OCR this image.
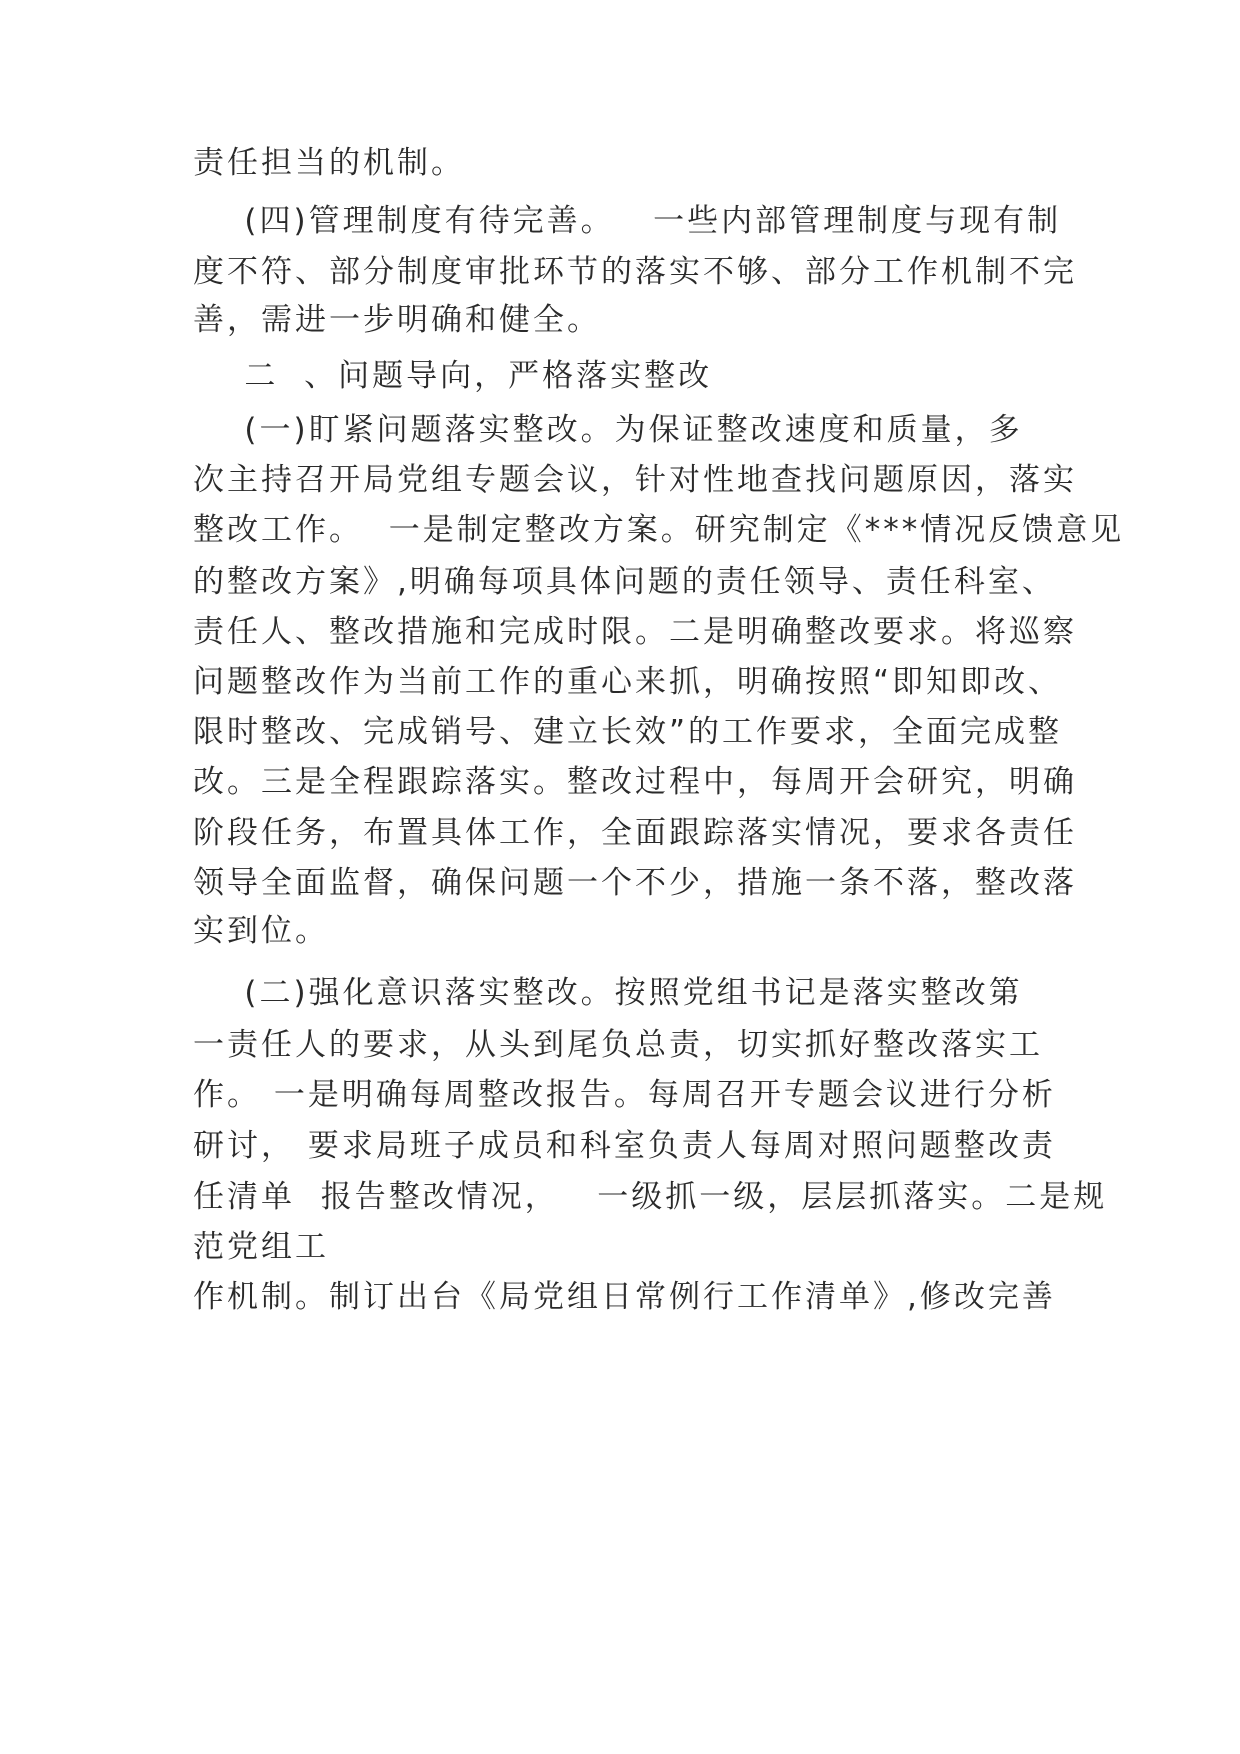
责任担当的机制。
(四)管理制度有待完善。   一些内部管理制度与现有制
度不符、部分制度审批环节的落实不够、部分工作机制不完
善，需进一步明确和健全。
二  、问题导向，严格落实整改
(一)盯紧问题落实整改。为保证整改速度和质量，多
次主持召开局党组专题会议，针对性地查找问题原因，落实
整改工作。  一是制定整改方案。研究制定《***情况反馈意见
的整改方案》,明确每项具体问题的责任领导、责任科室、
责任人、整改措施和完成时限。二是明确整改要求。将巡察
问题整改作为当前工作的重心来抓，明确按照“即知即改、
限时整改、完成销号、建立长效”的工作要求，全面完成整
改。三是全程跟踪落实。整改过程中，每周开会研究，明确
阶段任务，布置具体工作，全面跟踪落实情况，要求各责任
领导全面监督，确保问题一个不少，措施一条不落，整改落
实到位。
(二)强化意识落实整改。按照党组书记是落实整改第
一责任人的要求，从头到尾负总责，切实抓好整改落实工
作。 一是明确每周整改报告。每周召开专题会议进行分析
研讨， 要求局班子成员和科室负责人每周对照问题整改责
任清单  报告整改情况，   一级抓一级，层层抓落实。二是规
范党组工
作机制。制订出台《局党组日常例行工作清单》,修改完善
